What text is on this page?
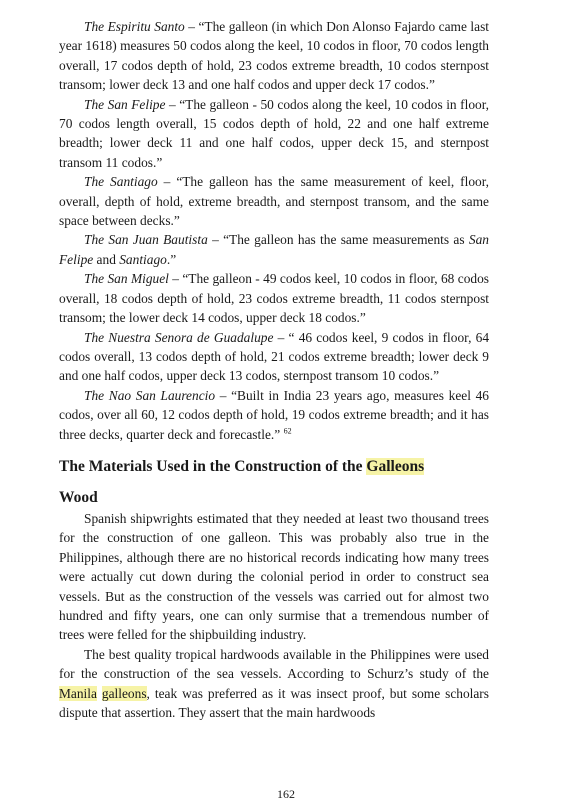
The Espiritu Santo – “The galleon (in which Don Alonso Fajardo came last year 1618) measures 50 codos along the keel, 10 codos in floor, 70 codos length overall, 17 codos depth of hold, 23 codos extreme breadth, 10 codos sternpost transom; lower deck 13 and one half codos and upper deck 17 codos.”

The San Felipe – “The galleon - 50 codos along the keel, 10 codos in floor, 70 codos length overall, 15 codos depth of hold, 22 and one half extreme breadth; lower deck 11 and one half codos, upper deck 15, and sternpost transom 11 codos.”

The Santiago – “The galleon has the same measurement of keel, floor, overall, depth of hold, extreme breadth, and sternpost transom, and the same space between decks.”

The San Juan Bautista – “The galleon has the same measurements as San Felipe and Santiago.”

The San Miguel – “The galleon - 49 codos keel, 10 codos in floor, 68 codos overall, 18 codos depth of hold, 23 codos extreme breadth, 11 codos sternpost transom; the lower deck 14 codos, upper deck 18 codos.”

The Nuestra Senora de Guadalupe – “ 46 codos keel, 9 codos in floor, 64 codos overall, 13 codos depth of hold, 21 codos extreme breadth; lower deck 9 and one half codos, upper deck 13 codos, sternpost transom 10 codos.”

The Nao San Laurencio – “Built in India 23 years ago, measures keel 46 codos, over all 60, 12 codos depth of hold, 19 codos extreme breadth; and it has three decks, quarter deck and forecastle.” $^{62}$

The Materials Used in the Construction of the Galleons
Wood

Spanish shipwrights estimated that they needed at least two thousand trees for the construction of one galleon. This was probably also true in the Philippines, although there are no historical records indicating how many trees were actually cut down during the colonial period in order to construct sea vessels. But as the construction of the vessels was carried out for almost two hundred and fifty years, one can only surmise that a tremendous number of trees were felled for the shipbuilding industry.

The best quality tropical hardwoods available in the Philippines were used for the construction of the sea vessels. According to Schurz’s study of the Manila galleons, teak was preferred as it was insect proof, but some scholars dispute that assertion. They assert that the main hardwoods

162
